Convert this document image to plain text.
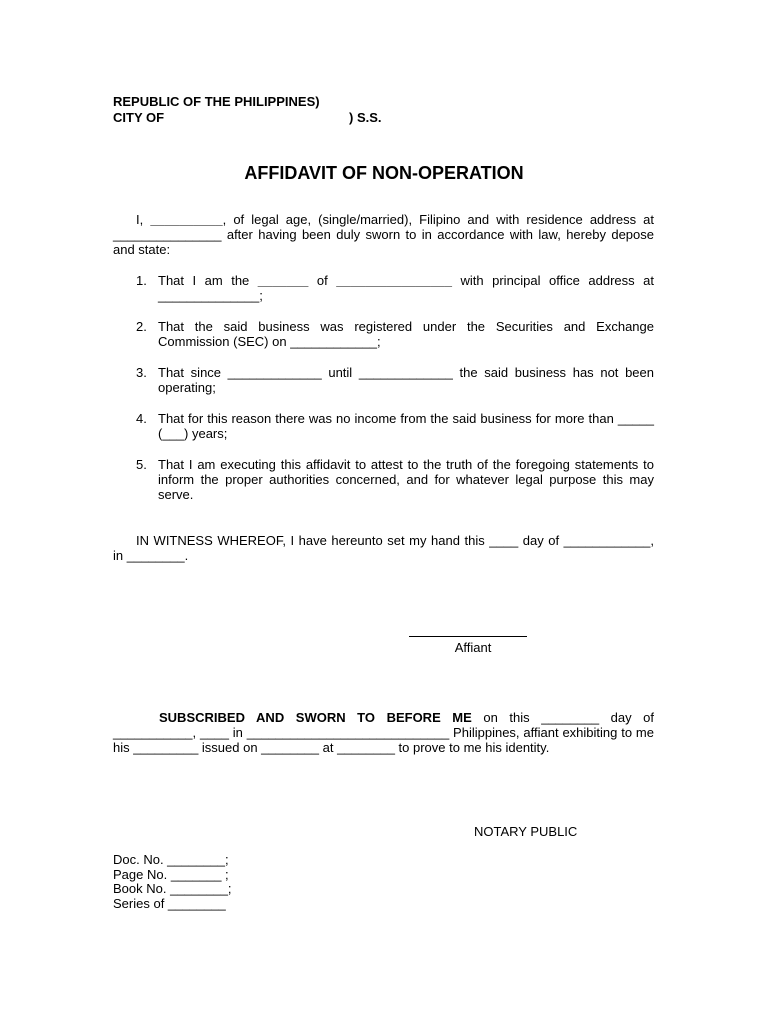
REPUBLIC OF THE PHILIPPINES)
CITY OF	) S.S.
AFFIDAVIT OF NON-OPERATION

I, __________, of legal age, (single/married), Filipino and with residence address at _______________ after having been duly sworn to in accordance with law, hereby depose and state:

1. That I am the _______ of ________________ with principal office address at ______________;
2. That the said business was registered under the Securities and Exchange Commission (SEC) on ____________;
3. That since _____________ until _____________ the said business has not been operating;
4. That for this reason there was no income from the said business for more than _____ (___) years;
5. That I am executing this affidavit to attest to the truth of the foregoing statements to inform the proper authorities concerned, and for whatever legal purpose this may serve.

IN WITNESS WHEREOF, I have hereunto set my hand this ____ day of ____________, in ________.

Affiant

SUBSCRIBED AND SWORN TO BEFORE ME on this ________ day of ___________, ____ in ____________________________ Philippines, affiant exhibiting to me his _________ issued on ________ at ________ to prove to me his identity.

NOTARY PUBLIC
Doc. No. ________;
Page No. _______ ;
Book No. ________;
Series of ________
